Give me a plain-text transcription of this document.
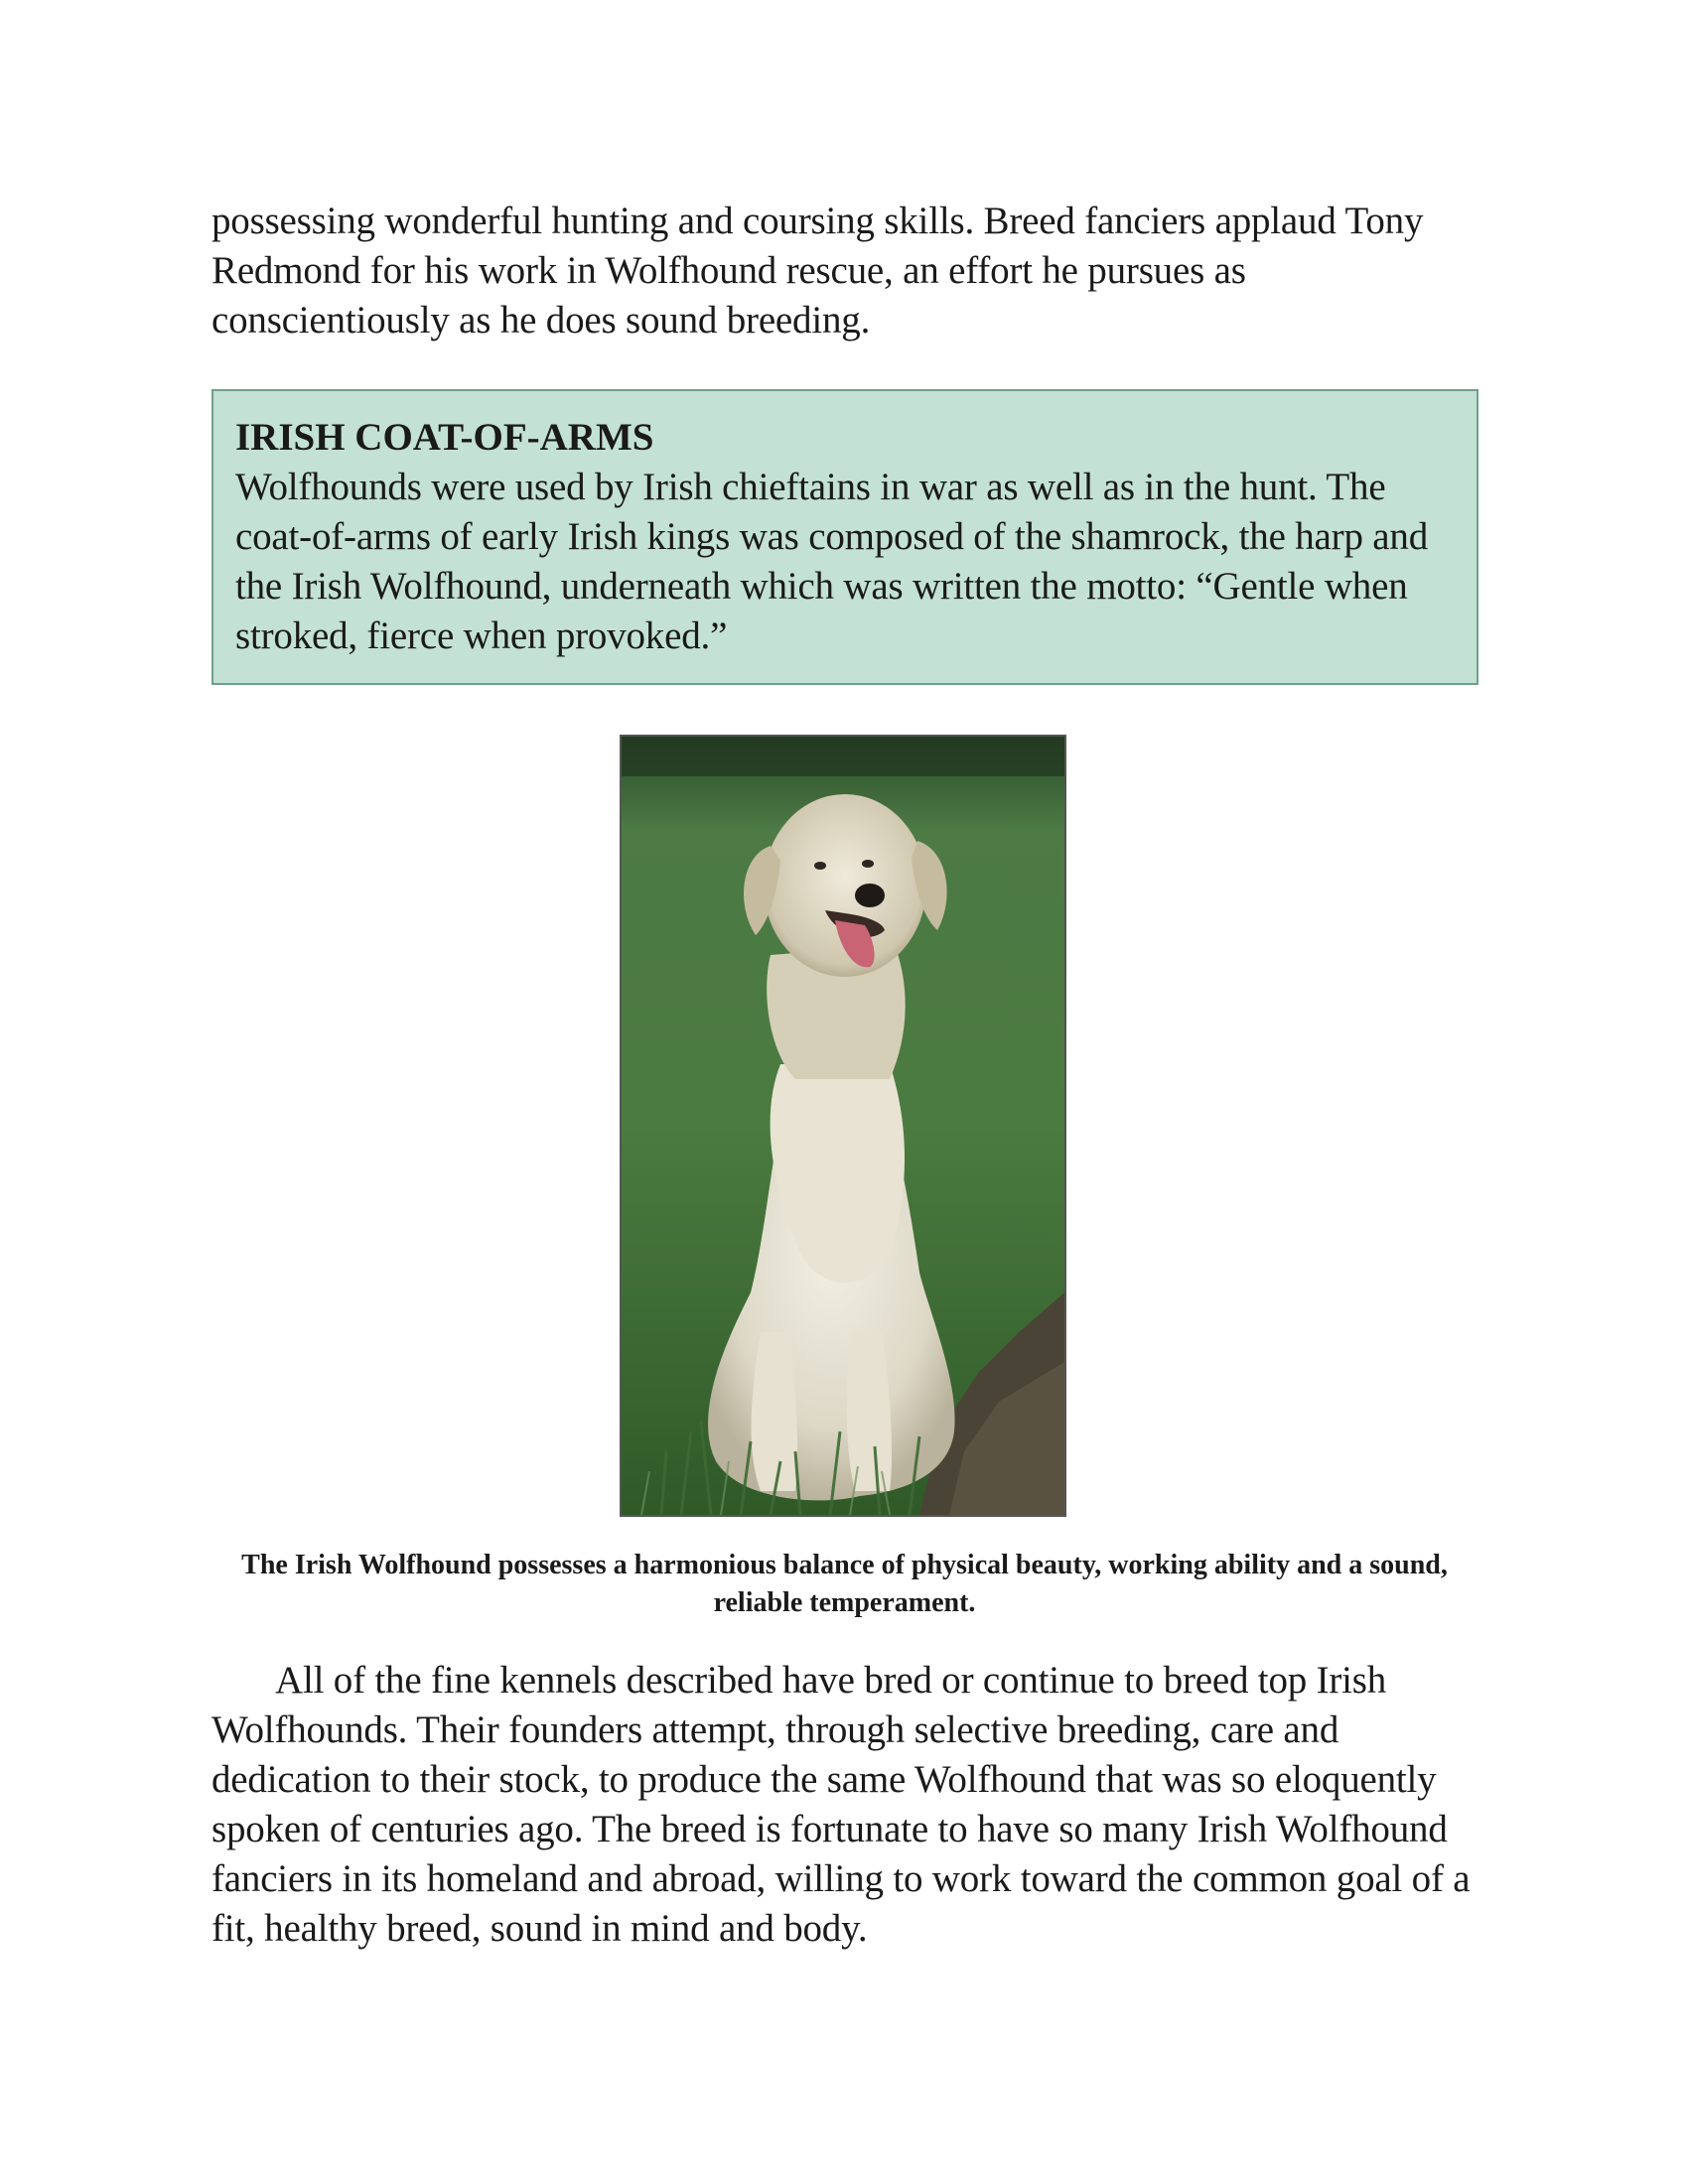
possessing wonderful hunting and coursing skills. Breed fanciers applaud Tony Redmond for his work in Wolfhound rescue, an effort he pursues as conscientiously as he does sound breeding.

IRISH COAT-OF-ARMS

Wolfhounds were used by Irish chieftains in war as well as in the hunt. The coat-of-arms of early Irish kings was composed of the shamrock, the harp and the Irish Wolfhound, underneath which was written the motto: “Gentle when stroked, fierce when provoked.”

The Irish Wolfhound possesses a harmonious balance of physical beauty, working ability and a sound, reliable temperament.

All of the fine kennels described have bred or continue to breed top Irish Wolfhounds. Their founders attempt, through selective breeding, care and dedication to their stock, to produce the same Wolfhound that was so eloquently spoken of centuries ago. The breed is fortunate to have so many Irish Wolfhound fanciers in its homeland and abroad, willing to work toward the common goal of a fit, healthy breed, sound in mind and body.
